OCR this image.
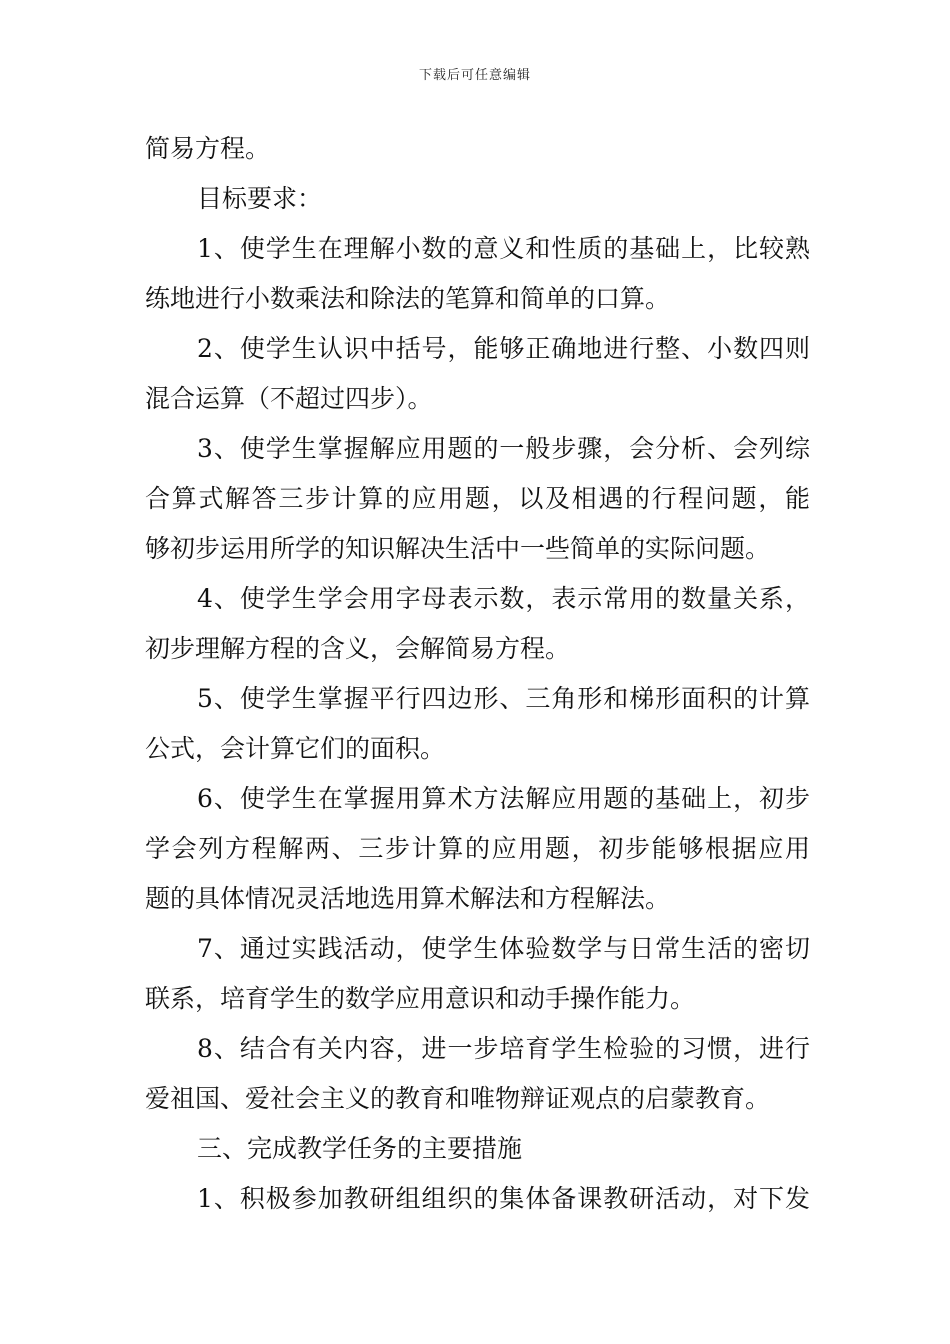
下载后可任意编辑
简易方程。
目标要求：
1、使学生在理解小数的意义和性质的基础上，比较熟
练地进行小数乘法和除法的笔算和简单的口算。
2、使学生认识中括号，能够正确地进行整、小数四则
混合运算（不超过四步）。
3、使学生掌握解应用题的一般步骤，会分析、会列综
合算式解答三步计算的应用题，以及相遇的行程问题，能
够初步运用所学的知识解决生活中一些简单的实际问题。
4、使学生学会用字母表示数，表示常用的数量关系，
初步理解方程的含义，会解简易方程。
5、使学生掌握平行四边形、三角形和梯形面积的计算
公式，会计算它们的面积。
6、使学生在掌握用算术方法解应用题的基础上，初步
学会列方程解两、三步计算的应用题，初步能够根据应用
题的具体情况灵活地选用算术解法和方程解法。
7、通过实践活动，使学生体验数学与日常生活的密切
联系，培育学生的数学应用意识和动手操作能力。
8、结合有关内容，进一步培育学生检验的习惯，进行
爱祖国、爱社会主义的教育和唯物辩证观点的启蒙教育。
三、完成教学任务的主要措施
1、积极参加教研组组织的集体备课教研活动，对下发
